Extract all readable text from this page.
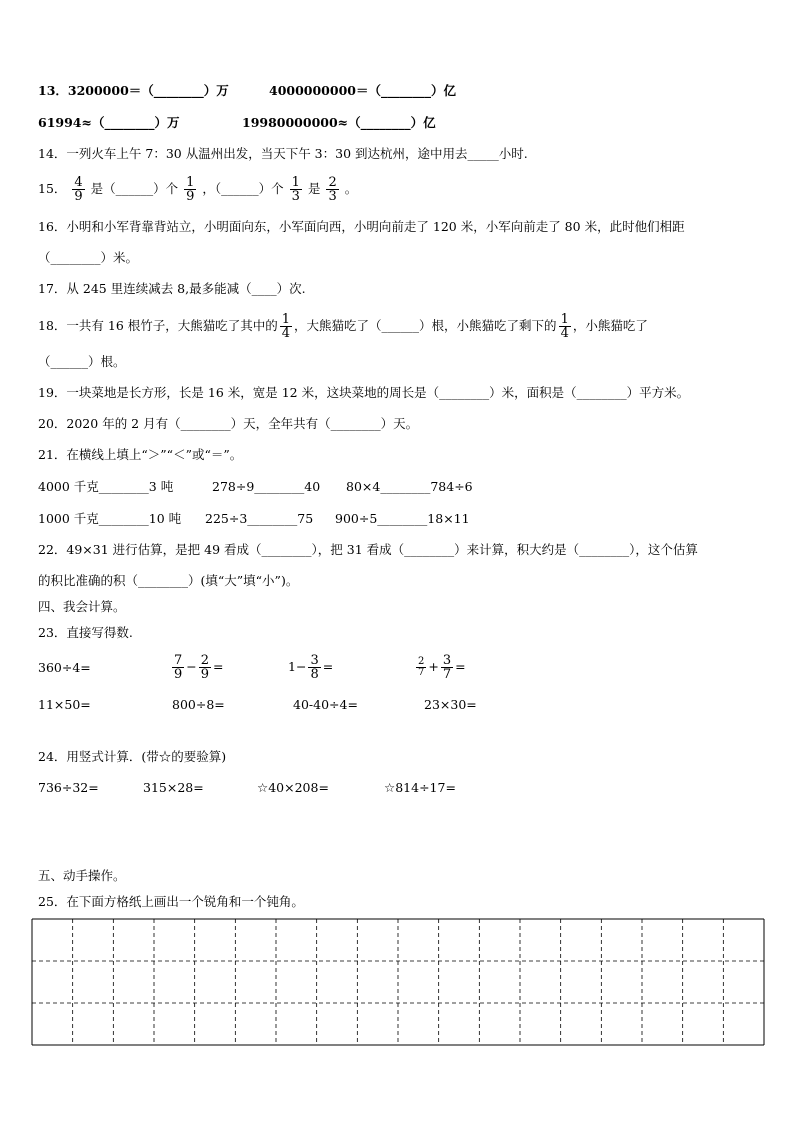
13．3200000＝（________）万	4000000000＝（________）亿
61994≈（________）万	19980000000≈（________）亿
14．一列火车上午 7：30 从温州出发，当天下午 3：30 到达杭州，途中用去_____小时.
15． $\frac{4}{9}$ 是（______）个 $\frac{1}{9}$ ，（______）个 $\frac{1}{3}$ 是 $\frac{2}{3}$ 。
16．小明和小军背靠背站立，小明面向东，小军面向西，小明向前走了 120 米，小军向前走了 80 米，此时他们相距
（________）米。
17．从 245 里连续减去 8,最多能减（____）次.
18．一共有 16 根竹子，大熊猫吃了其中的 $\frac{1}{4}$ ，大熊猫吃了（______）根，小熊猫吃了剩下的 $\frac{1}{4}$ ，小熊猫吃了
（______）根。
19．一块菜地是长方形，长是 16 米，宽是 12 米，这块菜地的周长是（________）米，面积是（________）平方米。
20．2020 年的 2 月有（________）天，全年共有（________）天。
21．在横线上填上“＞”“＜”或“＝”。
4000 千克________3 吨	278÷9________40 80×4________784÷6
1000 千克________10 吨 225÷3________75 900÷5________18×11
22．49×31 进行估算，是把 49 看成（________），把 31 看成（________）来计算，积大约是（________），这个估算
的积比准确的积（________）(填“大”填“小”)。
四、我会计算。
23．直接写得数.
360÷4=	$\frac{7}{9} - \frac{2}{9}$ =	$1- \frac{3}{8}$ =	$\frac{2}{7} + \frac{3}{7}$ =
11×50=	800÷8=	40-40÷4=	23×30=
24．用竖式计算．(带☆的要验算)
736÷32=	315×28=	☆40×208=	☆814÷17=
五、动手操作。
25．在下面方格纸上画出一个锐角和一个钝角。
